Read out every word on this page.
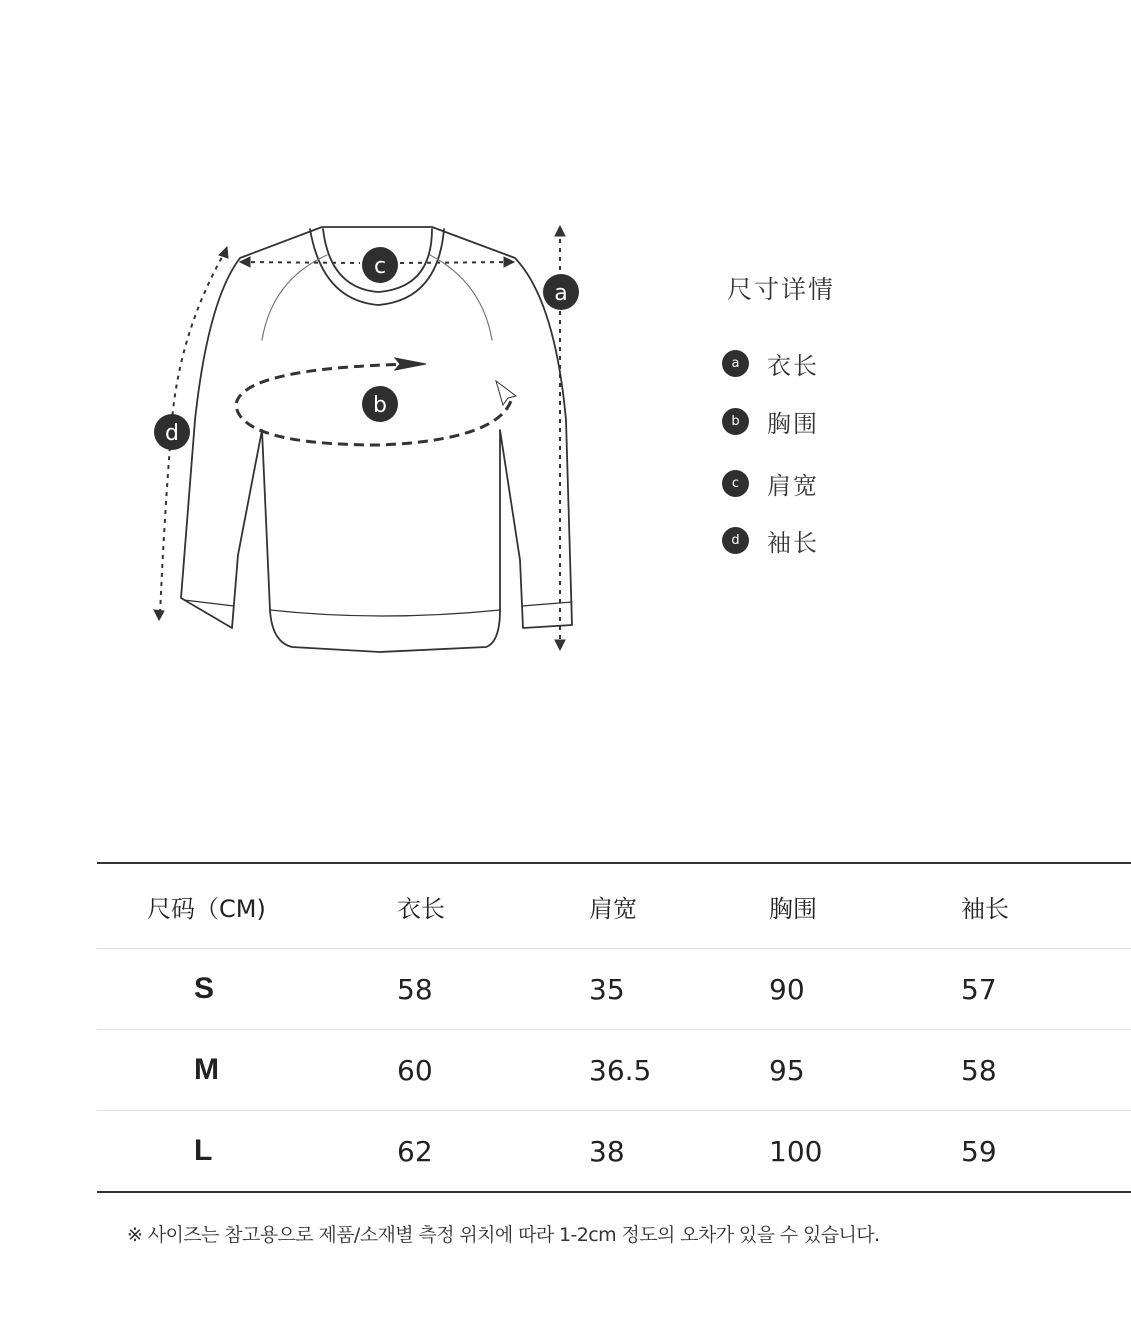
c
a
b
d
尺寸详情
a	衣长
b	胸围
c	肩宽
d	袖长
尺码（CM)	衣长	肩宽	胸围	袖长
S	58	35	90	57
M	60	36.5	95	58
L	62	38	100	59
※ 사이즈는 참고용으로 제품/소재별 측정 위치에 따라 1-2cm 정도의 오차가 있을 수 있습니다.
